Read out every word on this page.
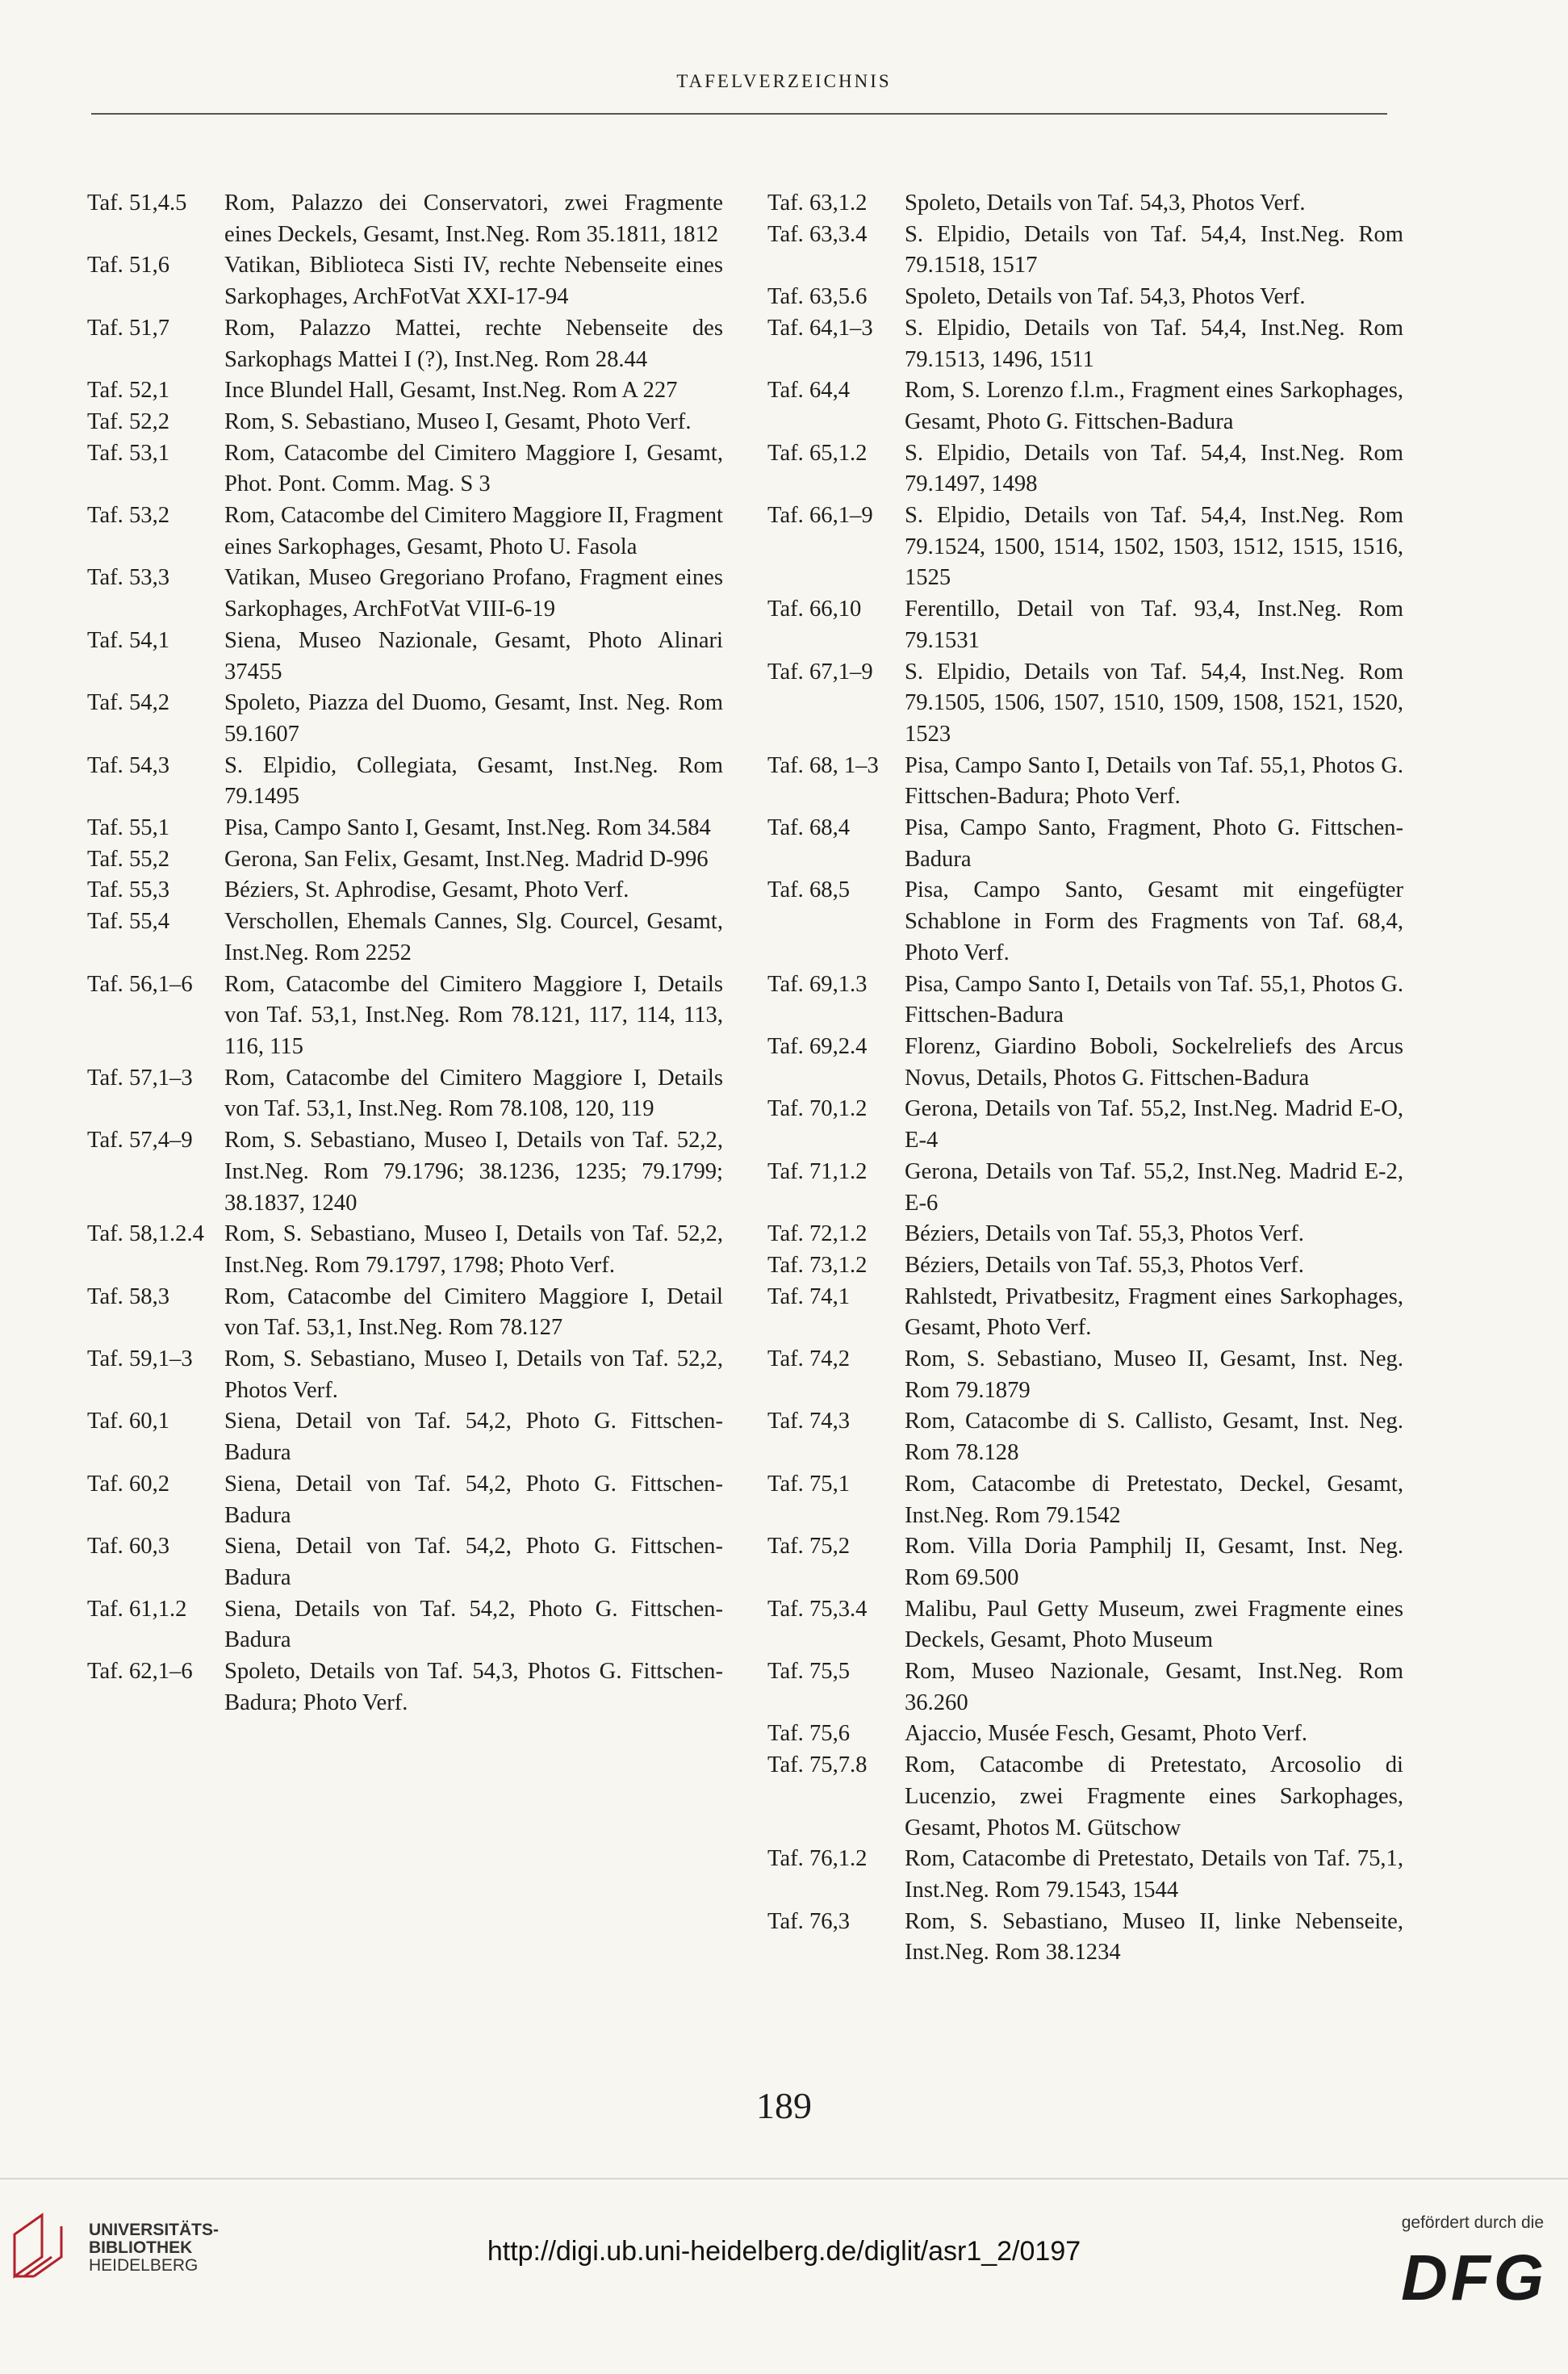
TAFELVERZEICHNIS
Taf. 51,4.5 Rom, Palazzo dei Conservatori, zwei Fragmente eines Deckels, Gesamt, Inst.Neg. Rom 35.1811, 1812
Taf. 51,6 Vatikan, Biblioteca Sisti IV, rechte Nebenseite eines Sarkophages, ArchFotVat XXI-17-94
Taf. 51,7 Rom, Palazzo Mattei, rechte Nebenseite des Sarkophags Mattei I (?), Inst.Neg. Rom 28.44
Taf. 52,1 Ince Blundel Hall, Gesamt, Inst.Neg. Rom A 227
Taf. 52,2 Rom, S. Sebastiano, Museo I, Gesamt, Photo Verf.
Taf. 53,1 Rom, Catacombe del Cimitero Maggiore I, Gesamt, Phot. Pont. Comm. Mag. S 3
Taf. 53,2 Rom, Catacombe del Cimitero Maggiore II, Fragment eines Sarkophages, Gesamt, Photo U. Fasola
Taf. 53,3 Vatikan, Museo Gregoriano Profano, Fragment eines Sarkophages, ArchFotVat VIII-6-19
Taf. 54,1 Siena, Museo Nazionale, Gesamt, Photo Alinari 37455
Taf. 54,2 Spoleto, Piazza del Duomo, Gesamt, Inst. Neg. Rom 59.1607
Taf. 54,3 S. Elpidio, Collegiata, Gesamt, Inst.Neg. Rom 79.1495
Taf. 55,1 Pisa, Campo Santo I, Gesamt, Inst.Neg. Rom 34.584
Taf. 55,2 Gerona, San Felix, Gesamt, Inst.Neg. Madrid D-996
Taf. 55,3 Béziers, St. Aphrodise, Gesamt, Photo Verf.
Taf. 55,4 Verschollen, Ehemals Cannes, Slg. Courcel, Gesamt, Inst.Neg. Rom 2252
Taf. 56,1–6 Rom, Catacombe del Cimitero Maggiore I, Details von Taf. 53,1, Inst.Neg. Rom 78.121, 117, 114, 113, 116, 115
Taf. 57,1–3 Rom, Catacombe del Cimitero Maggiore I, Details von Taf. 53,1, Inst.Neg. Rom 78.108, 120, 119
Taf. 57,4–9 Rom, S. Sebastiano, Museo I, Details von Taf. 52,2, Inst.Neg. Rom 79.1796; 38.1236, 1235; 79.1799; 38.1837, 1240
Taf. 58,1.2.4 Rom, S. Sebastiano, Museo I, Details von Taf. 52,2, Inst.Neg. Rom 79.1797, 1798; Photo Verf.
Taf. 58,3 Rom, Catacombe del Cimitero Maggiore I, Detail von Taf. 53,1, Inst.Neg. Rom 78.127
Taf. 59,1–3 Rom, S. Sebastiano, Museo I, Details von Taf. 52,2, Photos Verf.
Taf. 60,1 Siena, Detail von Taf. 54,2, Photo G. Fittschen-Badura
Taf. 60,2 Siena, Detail von Taf. 54,2, Photo G. Fittschen-Badura
Taf. 60,3 Siena, Detail von Taf. 54,2, Photo G. Fittschen-Badura
Taf. 61,1.2 Siena, Details von Taf. 54,2, Photo G. Fittschen-Badura
Taf. 62,1–6 Spoleto, Details von Taf. 54,3, Photos G. Fittschen-Badura; Photo Verf.
Taf. 63,1.2 Spoleto, Details von Taf. 54,3, Photos Verf.
Taf. 63,3.4 S. Elpidio, Details von Taf. 54,4, Inst.Neg. Rom 79.1518, 1517
Taf. 63,5.6 Spoleto, Details von Taf. 54,3, Photos Verf.
Taf. 64,1–3 S. Elpidio, Details von Taf. 54,4, Inst.Neg. Rom 79.1513, 1496, 1511
Taf. 64,4 Rom, S. Lorenzo f.l.m., Fragment eines Sarkophages, Gesamt, Photo G. Fittschen-Badura
Taf. 65,1.2 S. Elpidio, Details von Taf. 54,4, Inst.Neg. Rom 79.1497, 1498
Taf. 66,1–9 S. Elpidio, Details von Taf. 54,4, Inst.Neg. Rom 79.1524, 1500, 1514, 1502, 1503, 1512, 1515, 1516, 1525
Taf. 66,10 Ferentillo, Detail von Taf. 93,4, Inst.Neg. Rom 79.1531
Taf. 67,1–9 S. Elpidio, Details von Taf. 54,4, Inst.Neg. Rom 79.1505, 1506, 1507, 1510, 1509, 1508, 1521, 1520, 1523
Taf. 68, 1–3 Pisa, Campo Santo I, Details von Taf. 55,1, Photos G. Fittschen-Badura; Photo Verf.
Taf. 68,4 Pisa, Campo Santo, Fragment, Photo G. Fittschen-Badura
Taf. 68,5 Pisa, Campo Santo, Gesamt mit eingefügter Schablone in Form des Fragments von Taf. 68,4, Photo Verf.
Taf. 69,1.3 Pisa, Campo Santo I, Details von Taf. 55,1, Photos G. Fittschen-Badura
Taf. 69,2.4 Florenz, Giardino Boboli, Sockelreliefs des Arcus Novus, Details, Photos G. Fittschen-Badura
Taf. 70,1.2 Gerona, Details von Taf. 55,2, Inst.Neg. Madrid E-O, E-4
Taf. 71,1.2 Gerona, Details von Taf. 55,2, Inst.Neg. Madrid E-2, E-6
Taf. 72,1.2 Béziers, Details von Taf. 55,3, Photos Verf.
Taf. 73,1.2 Béziers, Details von Taf. 55,3, Photos Verf.
Taf. 74,1 Rahlstedt, Privatbesitz, Fragment eines Sarkophages, Gesamt, Photo Verf.
Taf. 74,2 Rom, S. Sebastiano, Museo II, Gesamt, Inst. Neg. Rom 79.1879
Taf. 74,3 Rom, Catacombe di S. Callisto, Gesamt, Inst. Neg. Rom 78.128
Taf. 75,1 Rom, Catacombe di Pretestato, Deckel, Gesamt, Inst.Neg. Rom 79.1542
Taf. 75,2 Rom. Villa Doria Pamphilj II, Gesamt, Inst. Neg. Rom 69.500
Taf. 75,3.4 Malibu, Paul Getty Museum, zwei Fragmente eines Deckels, Gesamt, Photo Museum
Taf. 75,5 Rom, Museo Nazionale, Gesamt, Inst.Neg. Rom 36.260
Taf. 75,6 Ajaccio, Musée Fesch, Gesamt, Photo Verf.
Taf. 75,7.8 Rom, Catacombe di Pretestato, Arcosolio di Lucenzio, zwei Fragmente eines Sarkophages, Gesamt, Photos M. Gütschow
Taf. 76,1.2 Rom, Catacombe di Pretestato, Details von Taf. 75,1, Inst.Neg. Rom 79.1543, 1544
Taf. 76,3 Rom, S. Sebastiano, Museo II, linke Nebenseite, Inst.Neg. Rom 38.1234
189
UNIVERSITÄTS-
BIBLIOTHEK
HEIDELBERG	http://digi.ub.uni-heidelberg.de/diglit/asr1_2/0197
gefördert durch die
DFG
